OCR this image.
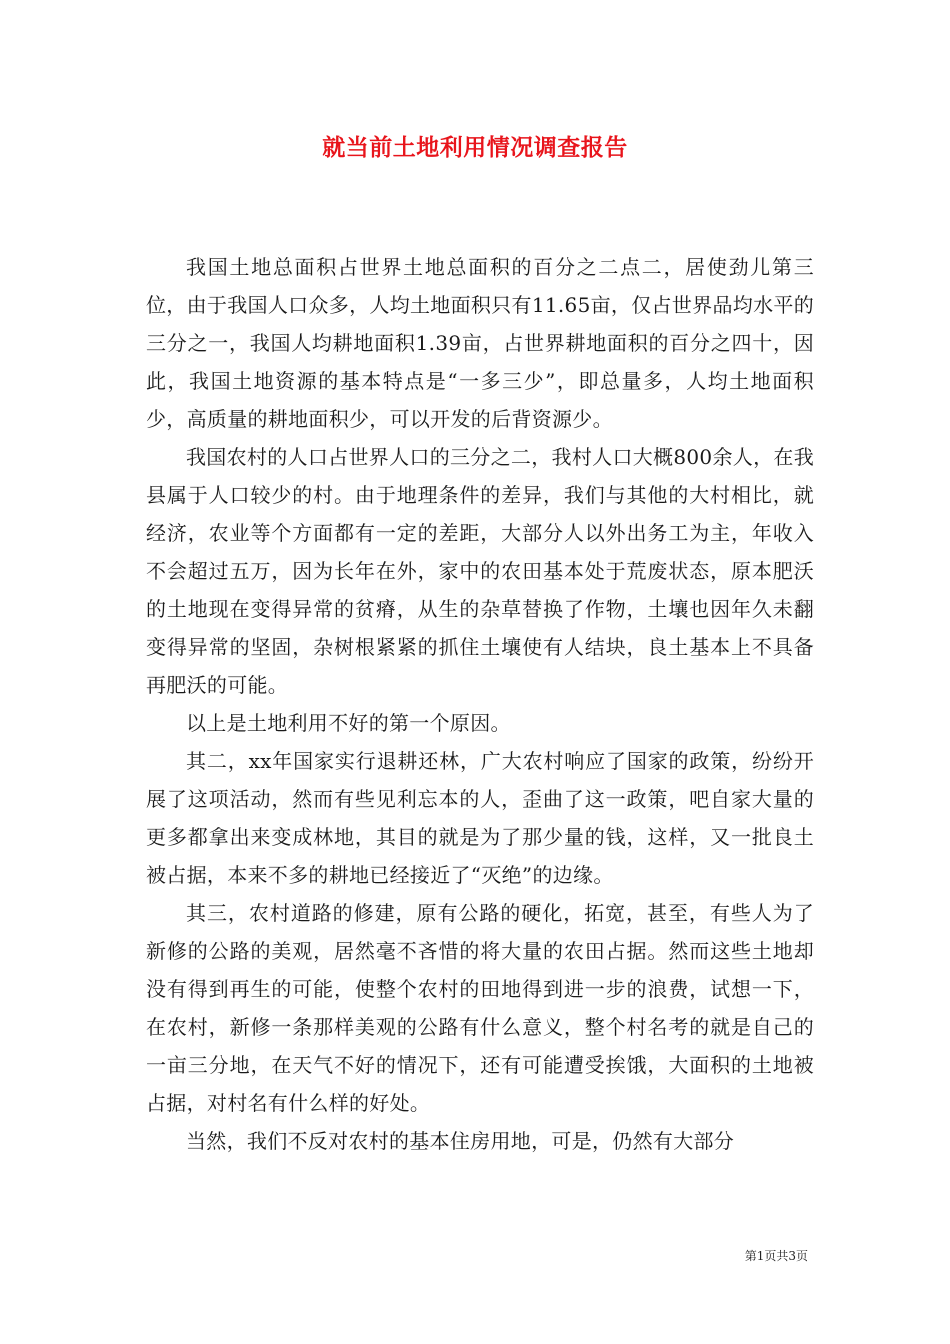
就当前土地利用情况调查报告

我国土地总面积占世界土地总面积的百分之二点二，居使劲儿第三位，由于我国人口众多，人均土地面积只有11.65亩，仅占世界品均水平的三分之一，我国人均耕地面积1.39亩，占世界耕地面积的百分之四十，因此，我国土地资源的基本特点是“一多三少”，即总量多，人均土地面积少，高质量的耕地面积少，可以开发的后背资源少。

我国农村的人口占世界人口的三分之二，我村人口大概800余人，在我县属于人口较少的村。由于地理条件的差异，我们与其他的大村相比，就经济，农业等个方面都有一定的差距，大部分人以外出务工为主，年收入不会超过五万，因为长年在外，家中的农田基本处于荒废状态，原本肥沃的土地现在变得异常的贫瘠，从生的杂草替换了作物，土壤也因年久未翻变得异常的坚固，杂树根紧紧的抓住土壤使有人结块，良土基本上不具备再肥沃的可能。

以上是土地利用不好的第一个原因。

其二，xx年国家实行退耕还林，广大农村响应了国家的政策，纷纷开展了这项活动，然而有些见利忘本的人，歪曲了这一政策，吧自家大量的更多都拿出来变成林地，其目的就是为了那少量的钱，这样，又一批良土被占据，本来不多的耕地已经接近了“灭绝”的边缘。

其三，农村道路的修建，原有公路的硬化，拓宽，甚至，有些人为了新修的公路的美观，居然毫不吝惜的将大量的农田占据。然而这些土地却没有得到再生的可能，使整个农村的田地得到进一步的浪费，试想一下，在农村，新修一条那样美观的公路有什么意义，整个村名考的就是自己的一亩三分地，在天气不好的情况下，还有可能遭受挨饿，大面积的土地被占据，对村名有什么样的好处。

当然，我们不反对农村的基本住房用地，可是，仍然有大部分

第1页共3页
